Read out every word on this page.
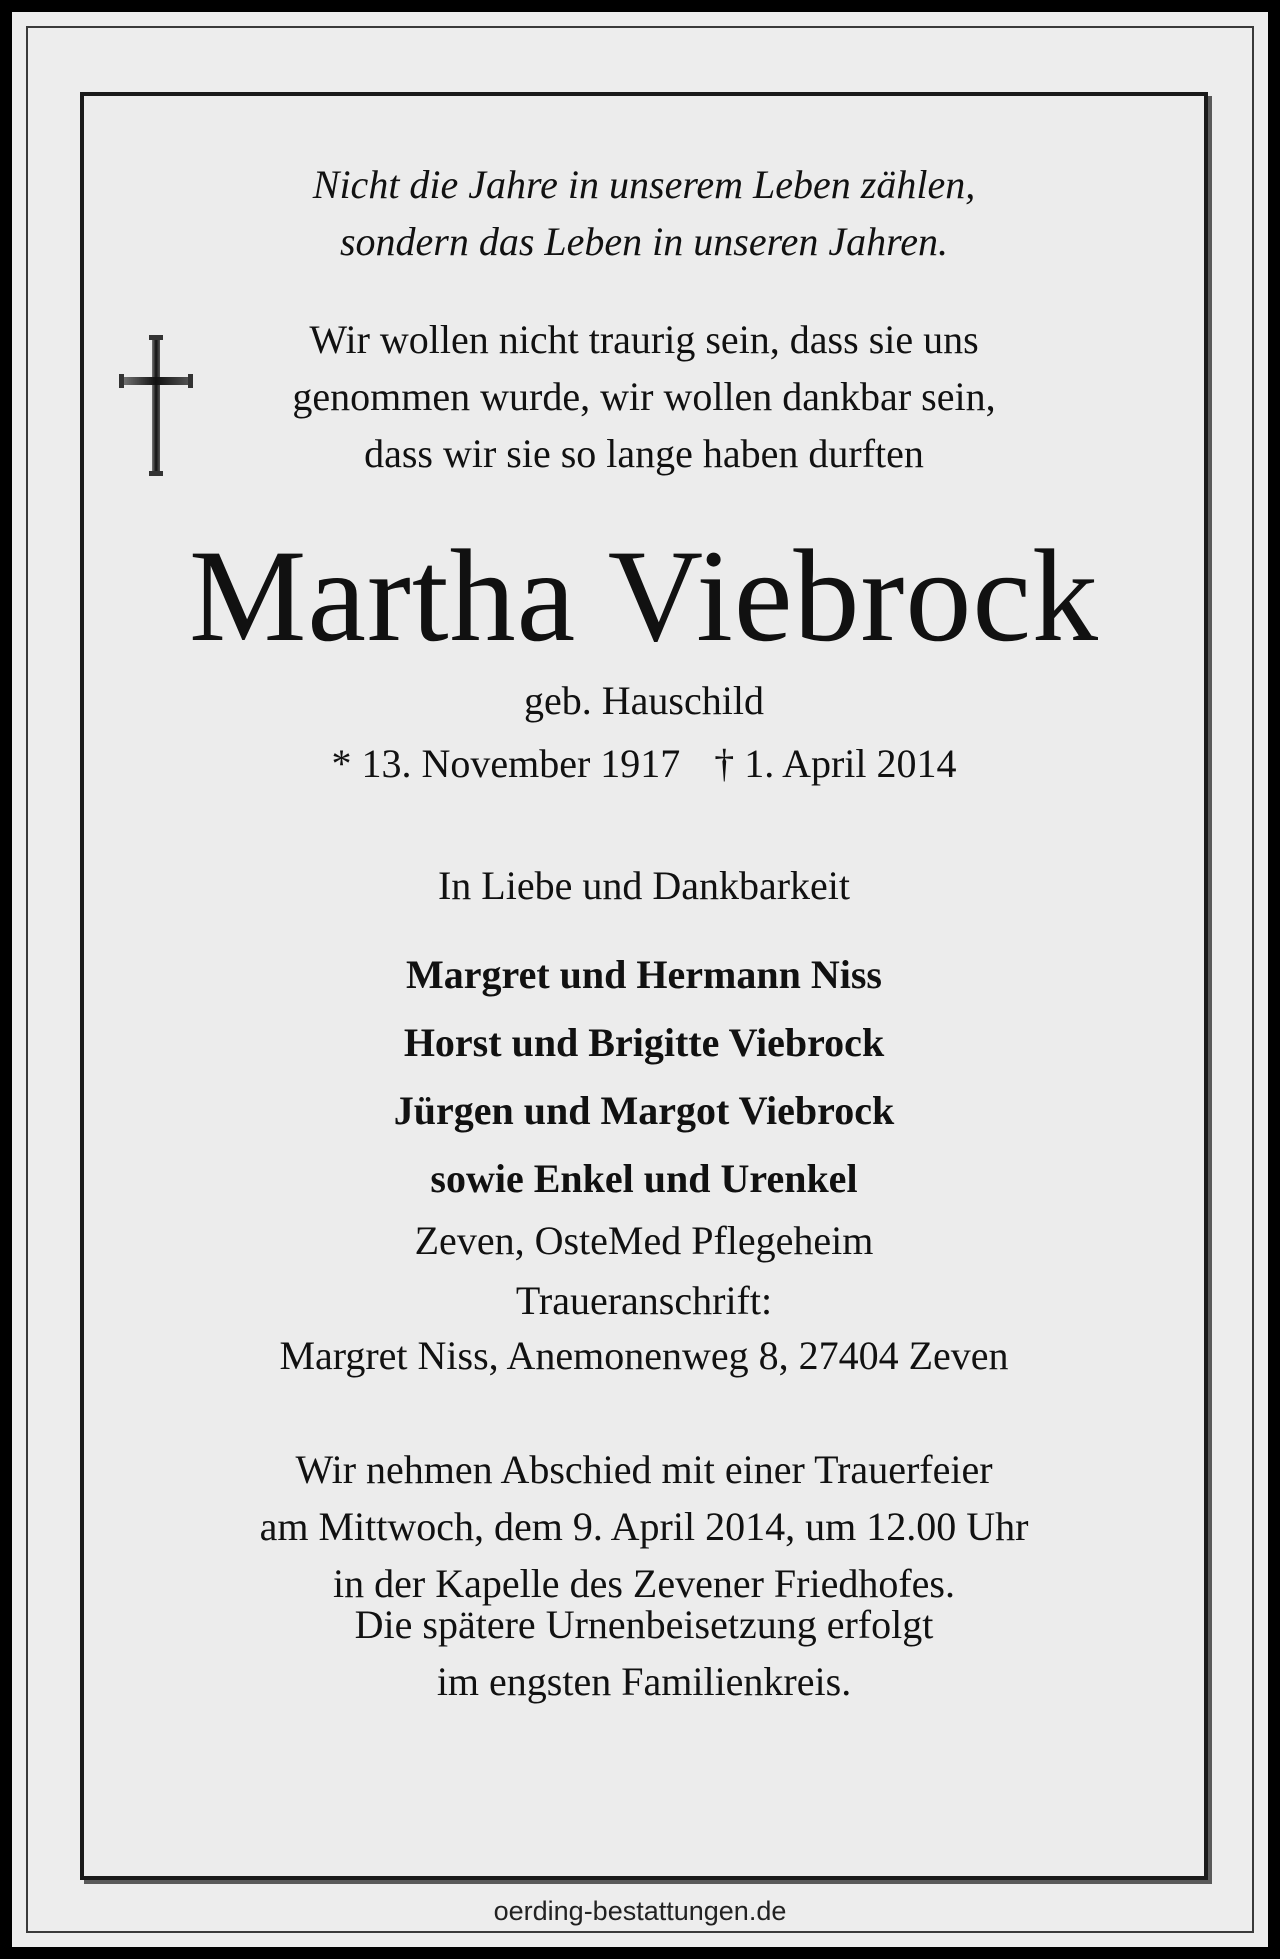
Nicht die Jahre in unserem Leben zählen,
sondern das Leben in unseren Jahren.
Wir wollen nicht traurig sein, dass sie uns
genommen wurde, wir wollen dankbar sein,
dass wir sie so lange haben durften
Martha Viebrock
geb. Hauschild
* 13. November 1917 † 1. April 2014
In Liebe und Dankbarkeit
Margret und Hermann Niss
Horst und Brigitte Viebrock
Jürgen und Margot Viebrock
sowie Enkel und Urenkel
Zeven, OsteMed Pflegeheim
Traueranschrift:
Margret Niss, Anemonenweg 8, 27404 Zeven
Wir nehmen Abschied mit einer Trauerfeier
am Mittwoch, dem 9. April 2014, um 12.00 Uhr
in der Kapelle des Zevener Friedhofes.
Die spätere Urnenbeisetzung erfolgt
im engsten Familienkreis.
oerding-bestattungen.de
